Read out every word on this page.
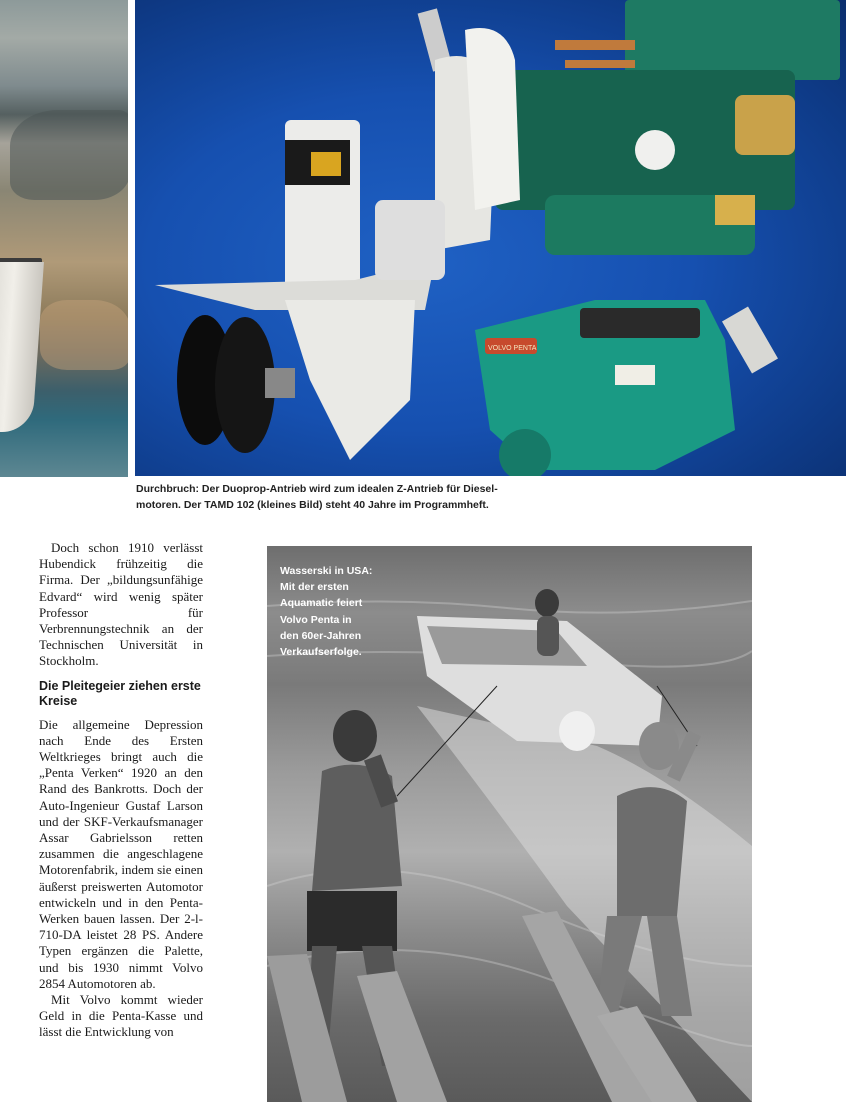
VOLVO PENTA
Durchbruch: Der Duoprop-Antrieb wird zum idealen Z-Antrieb für Diesel-
motoren. Der TAMD 102 (kleines Bild) steht 40 Jahre im Programmheft.

Doch schon 1910 verlässt Hubendick frühzeitig die Firma. Der „bildungsunfähige Edvard“ wird wenig später Professor für Verbrennungstechnik an der Technischen Universität in Stockholm.

Die Pleitegeier ziehen erste Kreise

Die allgemeine Depression nach Ende des Ersten Weltkrieges bringt auch die „Penta Verken“ 1920 an den Rand des Bankrotts. Doch der Auto-Ingenieur Gustaf Larson und der SKF-Verkaufsmanager Assar Gabrielsson retten zusammen die angeschlagene Motorenfabrik, indem sie einen äußerst preiswerten Automotor entwickeln und in den Penta-Werken bauen lassen. Der 2-l-710-DA leistet 28 PS. Andere Typen ergänzen die Palette, und bis 1930 nimmt Volvo 2854 Automotoren ab.

Mit Volvo kommt wieder Geld in die Penta-Kasse und lässt die Entwicklung von

Wasserski in USA:
Mit der ersten
Aquamatic feiert
Volvo Penta in
den 60er-Jahren
Verkaufserfolge.
